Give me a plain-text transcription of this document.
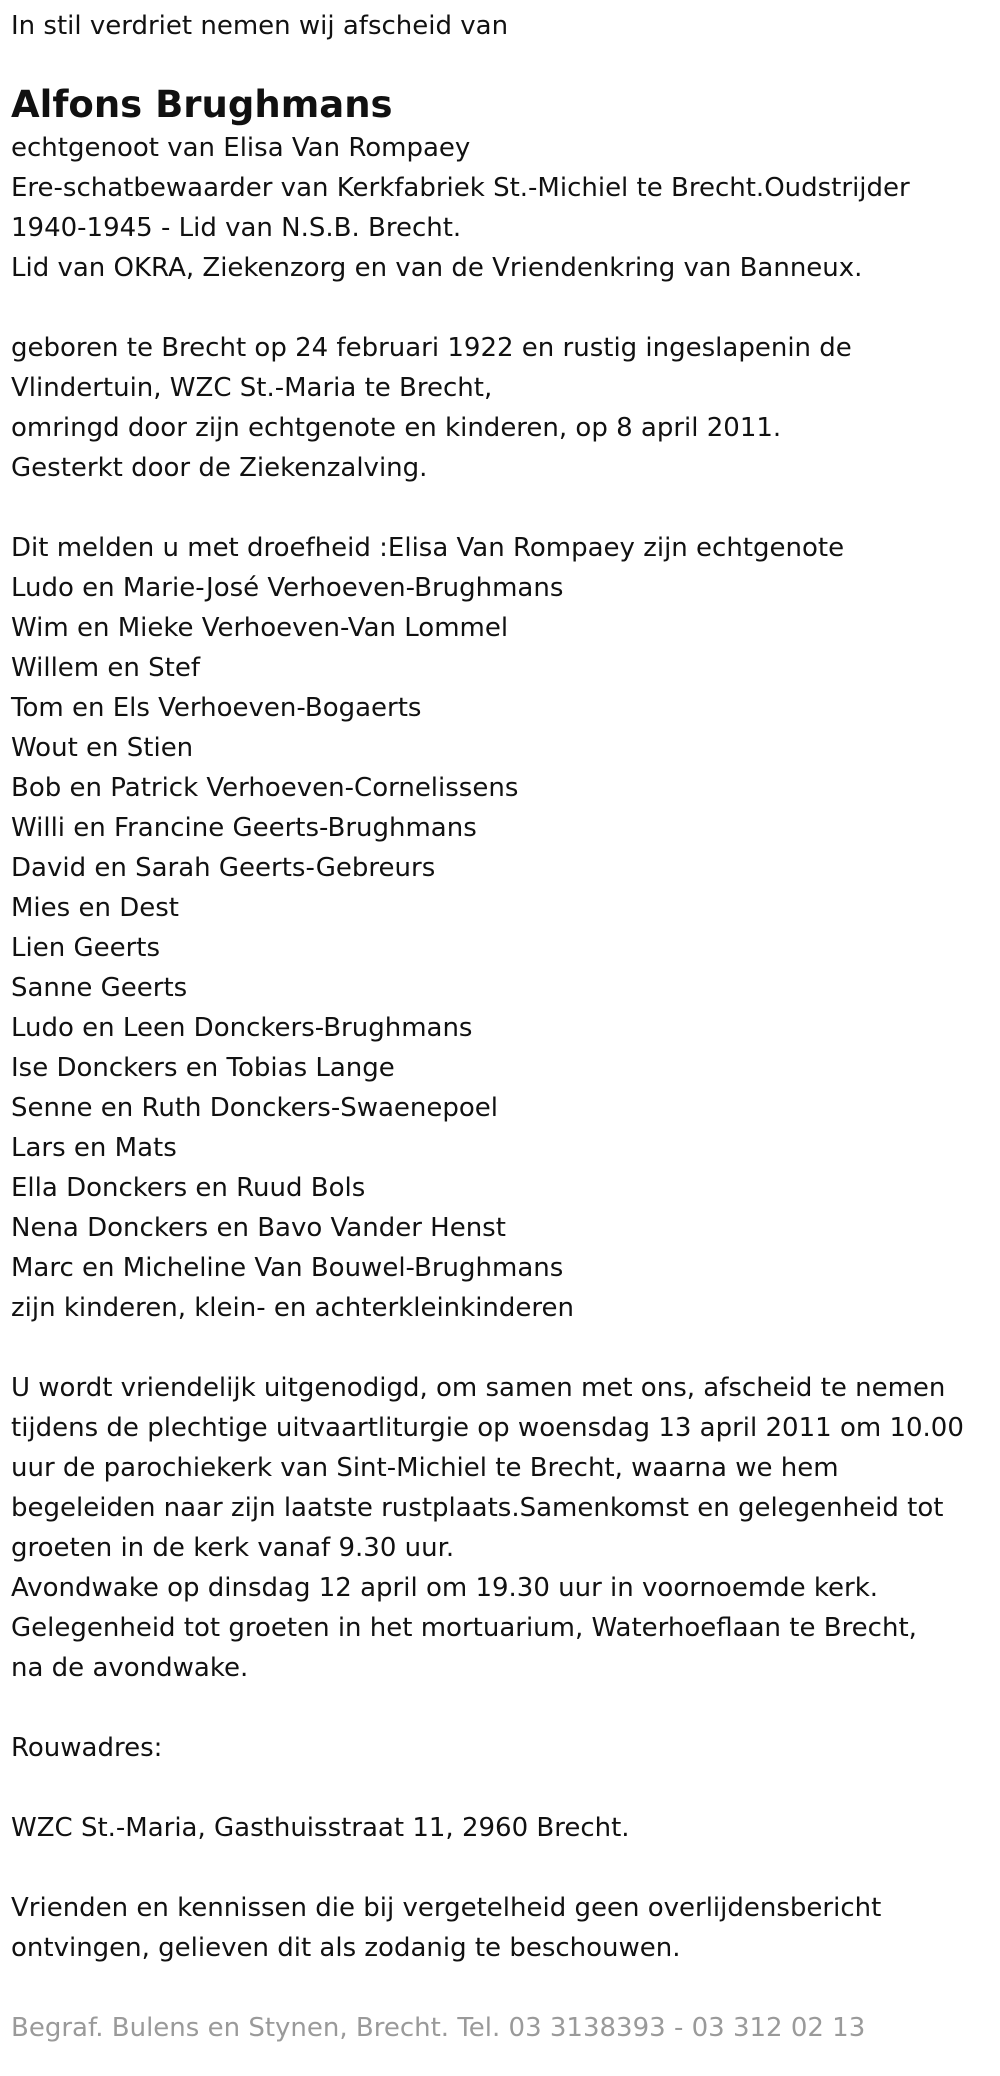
In stil verdriet nemen wij afscheid van

Alfons Brughmans

echtgenoot van Elisa Van Rompaey

Ere-schatbewaarder van Kerkfabriek St.-Michiel te Brecht.Oudstrijder

1940-1945 - Lid van N.S.B. Brecht.

Lid van OKRA, Ziekenzorg en van de Vriendenkring van Banneux.

geboren te Brecht op 24 februari 1922 en rustig ingeslapenin de

Vlindertuin, WZC St.-Maria te Brecht,

omringd door zijn echtgenote en kinderen, op 8 april 2011.

Gesterkt door de Ziekenzalving.

Dit melden u met droefheid :Elisa Van Rompaey zijn echtgenote

Ludo en Marie-José Verhoeven-Brughmans

Wim en Mieke Verhoeven-Van Lommel

Willem en Stef

Tom en Els Verhoeven-Bogaerts

Wout en Stien

Bob en Patrick Verhoeven-Cornelissens

Willi en Francine Geerts-Brughmans

David en Sarah Geerts-Gebreurs

Mies en Dest

Lien Geerts

Sanne Geerts

Ludo en Leen Donckers-Brughmans

Ise Donckers en Tobias Lange

Senne en Ruth Donckers-Swaenepoel

Lars en Mats

Ella Donckers en Ruud Bols

Nena Donckers en Bavo Vander Henst

Marc en Micheline Van Bouwel-Brughmans

zijn kinderen, klein- en achterkleinkinderen

U wordt vriendelijk uitgenodigd, om samen met ons, afscheid te nemen

tijdens de plechtige uitvaartliturgie op woensdag 13 april 2011 om 10.00

uur de parochiekerk van Sint-Michiel te Brecht, waarna we hem

begeleiden naar zijn laatste rustplaats.Samenkomst en gelegenheid tot

groeten in de kerk vanaf 9.30 uur.

Avondwake op dinsdag 12 april om 19.30 uur in voornoemde kerk.

Gelegenheid tot groeten in het mortuarium, Waterhoeflaan te Brecht,

na de avondwake.

Rouwadres:

WZC St.-Maria, Gasthuisstraat 11, 2960 Brecht.

Vrienden en kennissen die bij vergetelheid geen overlijdensbericht

ontvingen, gelieven dit als zodanig te beschouwen.

Begraf. Bulens en Stynen, Brecht. Tel. 03 3138393 - 03 312 02 13
